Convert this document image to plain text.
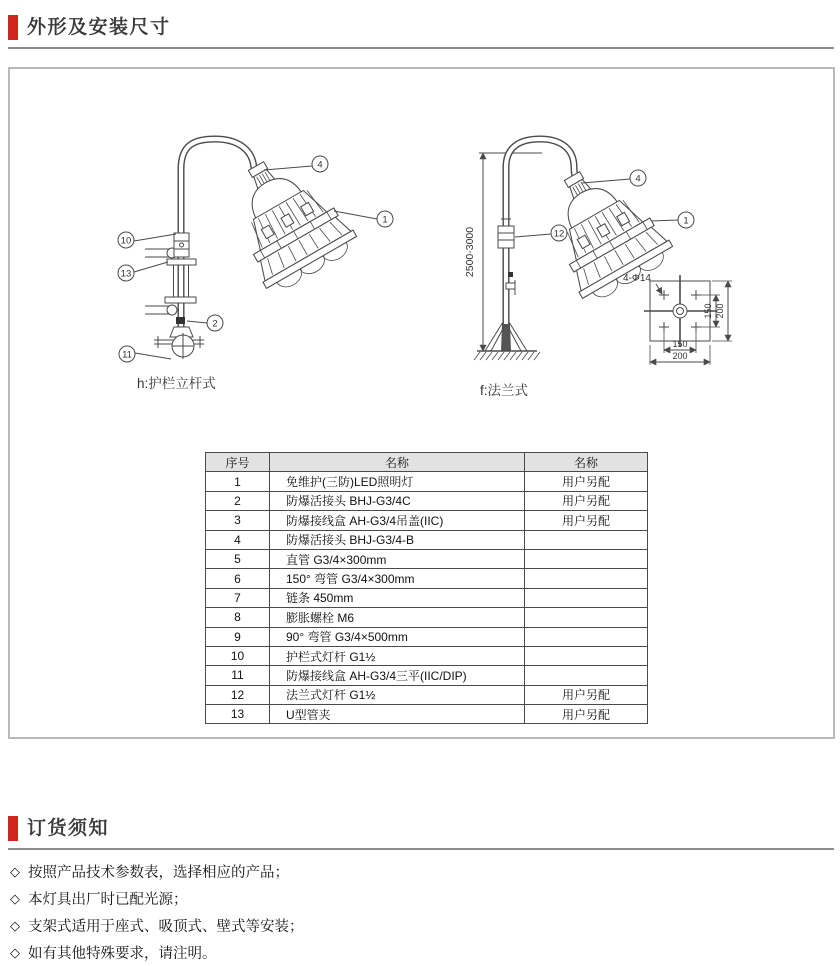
外形及安装尺寸
2500-3000
4-Φ14
150 200
150
200
4
1
10
13
2
11
4
1
12
h:护栏立杆式	f:法兰式
序号	名称	名称
1	免维护(三防)LED照明灯	用户另配
2	防爆活接头 BHJ-G3/4C	用户另配
3	防爆接线盒 AH-G3/4吊盖(IIC)	用户另配
4	防爆活接头 BHJ-G3/4-B	
5	直管 G3/4×300mm	
6	150° 弯管 G3/4×300mm	
7	链条 450mm	
8	膨胀螺栓 M6	
9	90° 弯管 G3/4×500mm	
10	护栏式灯杆 G1½	
11	防爆接线盒 AH-G3/4三平(IIC/DIP)	
12	法兰式灯杆 G1½	用户另配
13	U型管夹	用户另配
订货须知
◇ 按照产品技术参数表，选择相应的产品；
◇ 本灯具出厂时已配光源；
◇ 支架式适用于座式、吸顶式、壁式等安装；
◇ 如有其他特殊要求，请注明。
